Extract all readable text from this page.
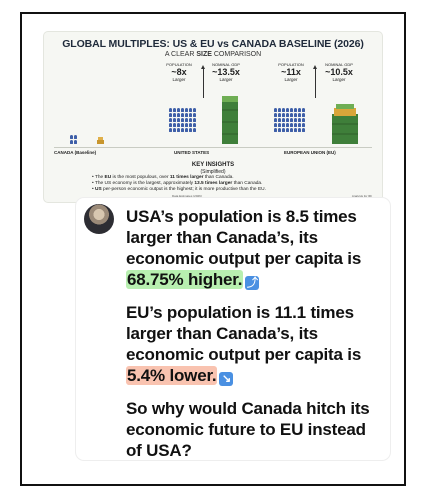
GLOBAL MULTIPLES: US & EU vs CANADA BASELINE (2026)
A CLEAR SIZE COMPARISON
POPULATION
~8x
Larger
NOMINAL GDP
~13.5x
Larger
POPULATION
~11x
Larger
NOMINAL GDP
~10.5x
Larger
CANADA (Baseline)	UNITED STATES	EUROPEAN UNION (EU)
KEY INSIGHTS
(Simplified)
• The EU is the most populous, over 11 times larger than Canada.
• The US economy is the largest, approximately 13.5 times larger than Canada.
• US per-person economic output is the highest; it is more productive than the EU.
Data Estimates (2026)	Analysis for Illlr
USA’s population is 8.5 times larger than Canada’s, its economic output per capita is 68.75% higher. ⤴
EU’s population is 11.1 times larger than Canada’s, its economic output per capita is 5.4% lower. ↘
So why would Canada hitch its economic future to EU instead of USA?
